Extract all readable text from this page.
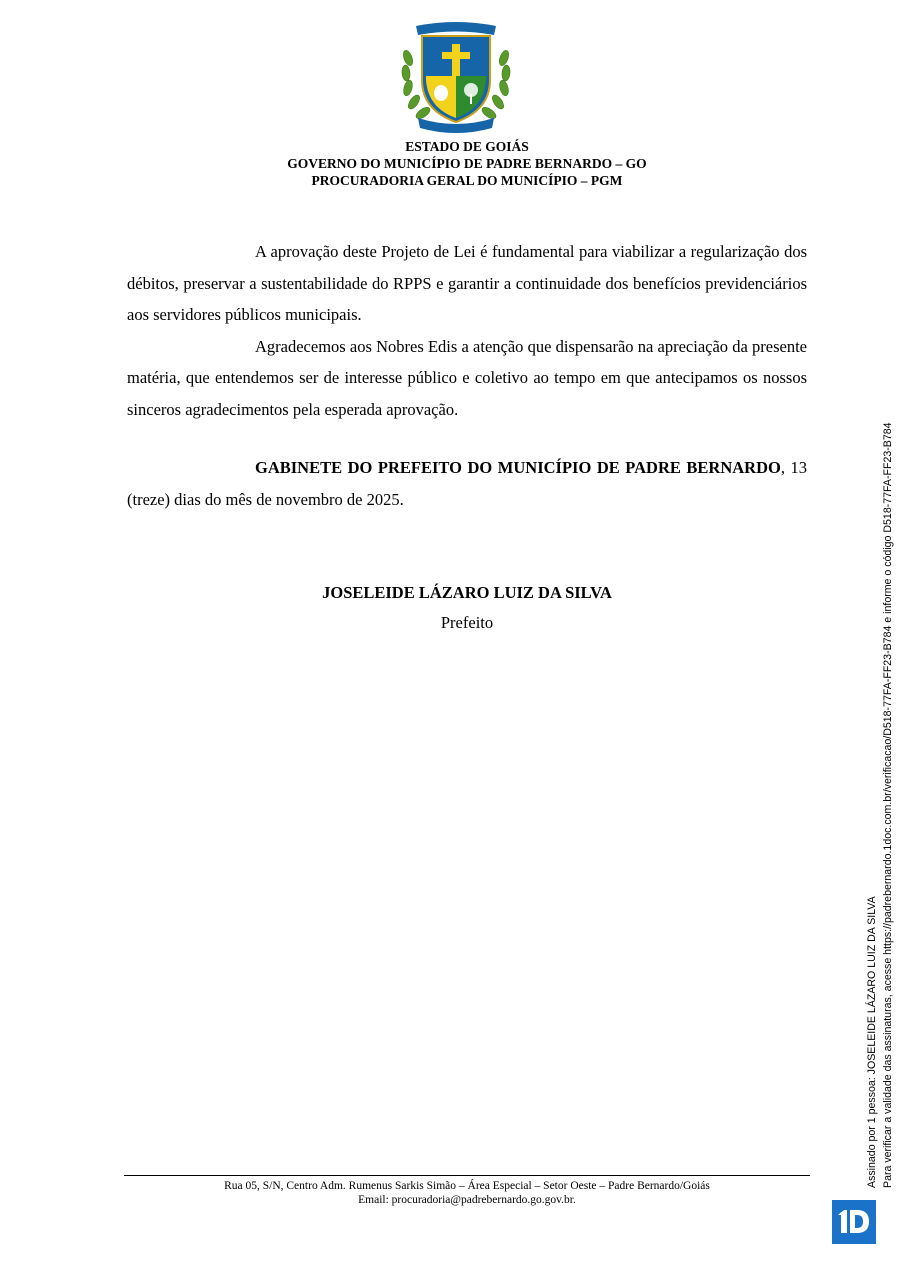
ESTADO DE GOIÁS
GOVERNO DO MUNICÍPIO DE PADRE BERNARDO – GO
PROCURADORIA GERAL DO MUNICÍPIO – PGM

A aprovação deste Projeto de Lei é fundamental para viabilizar a regularização dos débitos, preservar a sustentabilidade do RPPS e garantir a continuidade dos benefícios previdenciários aos servidores públicos municipais.

Agradecemos aos Nobres Edis a atenção que dispensarão na apreciação da presente matéria, que entendemos ser de interesse público e coletivo ao tempo em que antecipamos os nossos sinceros agradecimentos pela esperada aprovação.

GABINETE DO PREFEITO DO MUNICÍPIO DE PADRE BERNARDO, 13 (treze) dias do mês de novembro de 2025.

JOSELEIDE LÁZARO LUIZ DA SILVA
Prefeito
Rua 05, S/N, Centro Adm. Rumenus Sarkis Simão – Área Especial – Setor Oeste – Padre Bernardo/Goiás
Email: procuradoria@padrebernardo.go.gov.br.
Assinado por 1 pessoa: JOSELEIDE LÁZARO LUIZ DA SILVA Para verificar a validade das assinaturas, acesse https://padrebernardo.1doc.com.br/verificacao/D518-77FA-FF23-B784 e informe o código D518-77FA-FF23-B784
